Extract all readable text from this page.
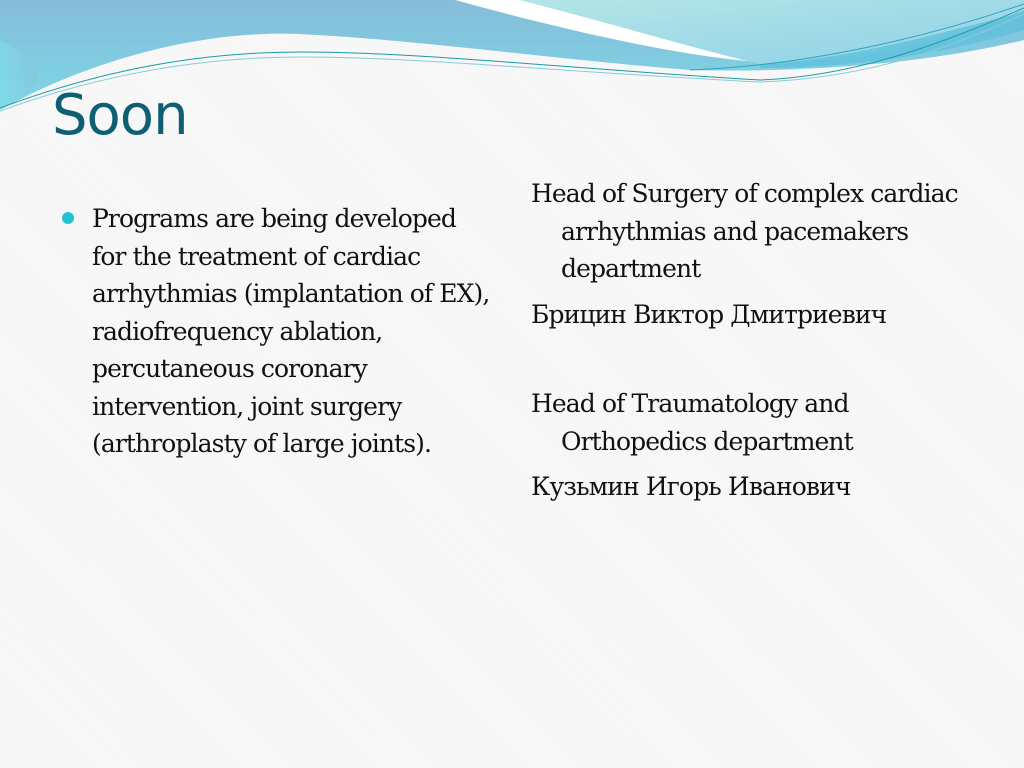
Soon
Programs are being developed for the treatment of cardiac arrhythmias (implantation of EX), radiofrequency ablation, percutaneous coronary intervention, joint surgery (arthroplasty of large joints).
Head of Surgery of complex cardiac arrhythmias and pacemakers department
Брицин Виктор Дмитриевич
Head of Traumatology and Orthopedics department
Кузьмин Игорь Иванович
